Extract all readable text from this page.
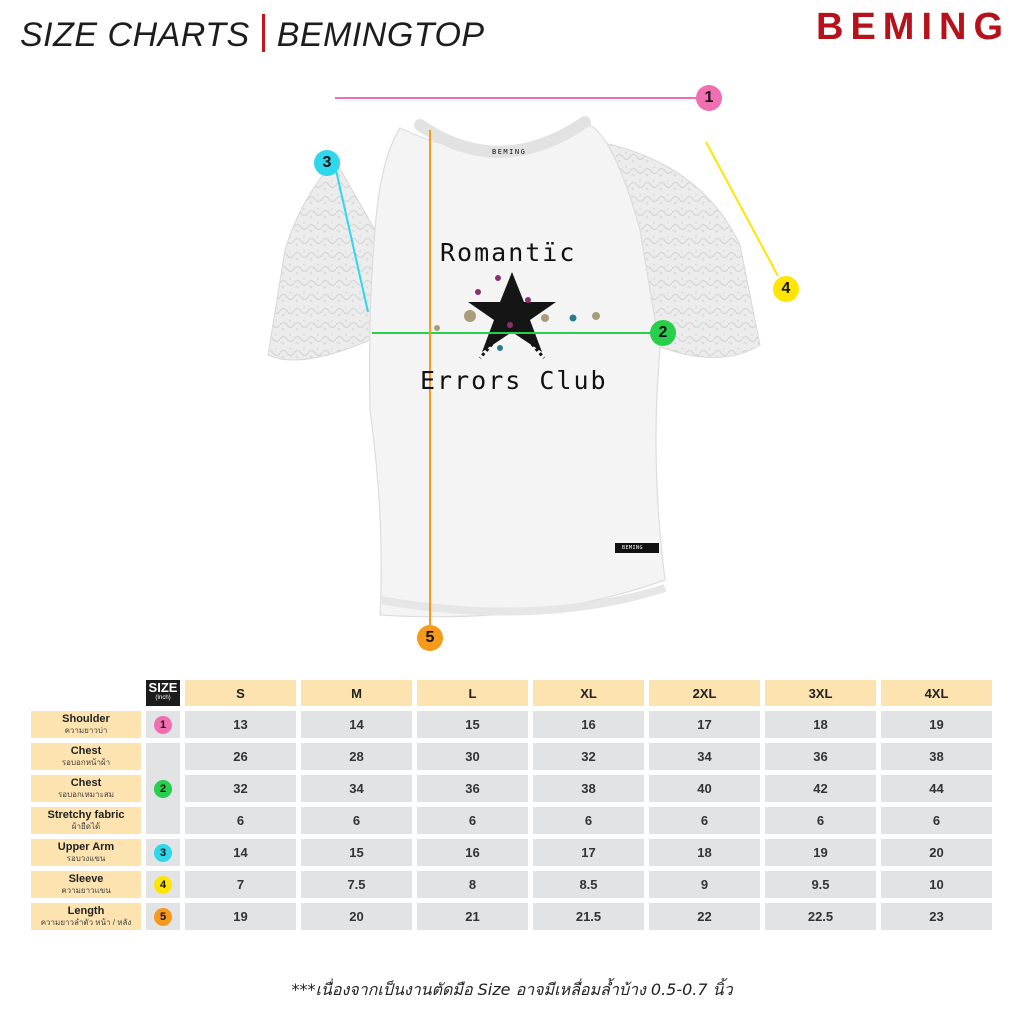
SIZE CHARTS BEMINGTOP	BEMING
BEMING
Romantïc
Errors Club
BEMING
1
2
3
4
5
	SIZE
(Inch)	S	M	L	XL	2XL	3XL	4XL

Shoulder
ความยาวบ่า	1	13	14	15	16	17	18	19

Chest
รอบอกหน้าผ้า	2	26	28	30	32	34	36	38

Chest
รอบอกเหมาะสม		32	34	36	38	40	42	44

Stretchy fabric
ผ้ายืดได้		6	6	6	6	6	6	6

Upper Arm
รอบวงแขน	3	14	15	16	17	18	19	20

Sleeve
ความยาวแขน	4	7	7.5	8	8.5	9	9.5	10

Length
ความยาวลำตัว หน้า / หลัง	5	19	20	21	21.5	22	22.5	23
***เนื่องจากเป็นงานตัดมือ Size อาจมีเหลื่อมล้ำบ้าง 0.5-0.7 นิ้ว
